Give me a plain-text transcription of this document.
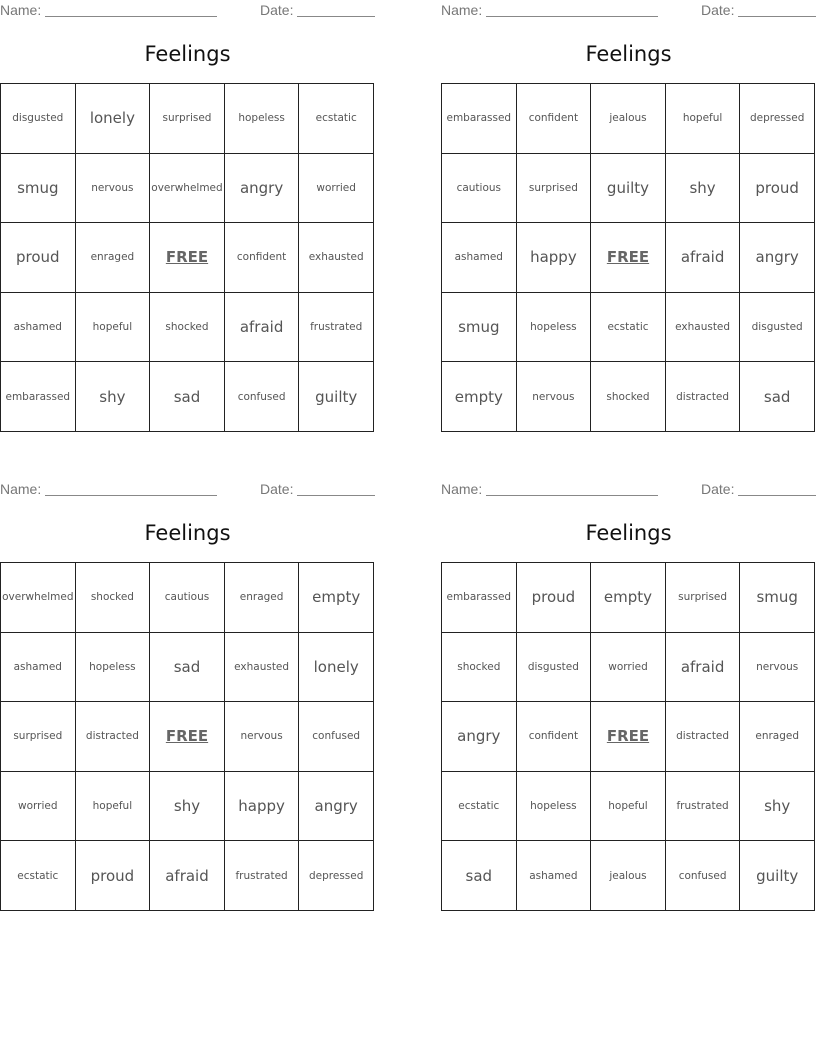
Name:	Date:
Feelings
disgusted	lonely	surprised	hopeless	ecstatic
smug	nervous	overwhelmed	angry	worried
proud	enraged	FREE	confident	exhausted
ashamed	hopeful	shocked	afraid	frustrated
embarassed	shy	sad	confused	guilty
Name:	Date:
Feelings
embarassed	confident	jealous	hopeful	depressed
cautious	surprised	guilty	shy	proud
ashamed	happy	FREE	afraid	angry
smug	hopeless	ecstatic	exhausted	disgusted
empty	nervous	shocked	distracted	sad
Name:	Date:
Feelings
overwhelmed	shocked	cautious	enraged	empty
ashamed	hopeless	sad	exhausted	lonely
surprised	distracted	FREE	nervous	confused
worried	hopeful	shy	happy	angry
ecstatic	proud	afraid	frustrated	depressed
Name:	Date:
Feelings
embarassed	proud	empty	surprised	smug
shocked	disgusted	worried	afraid	nervous
angry	confident	FREE	distracted	enraged
ecstatic	hopeless	hopeful	frustrated	shy
sad	ashamed	jealous	confused	guilty
